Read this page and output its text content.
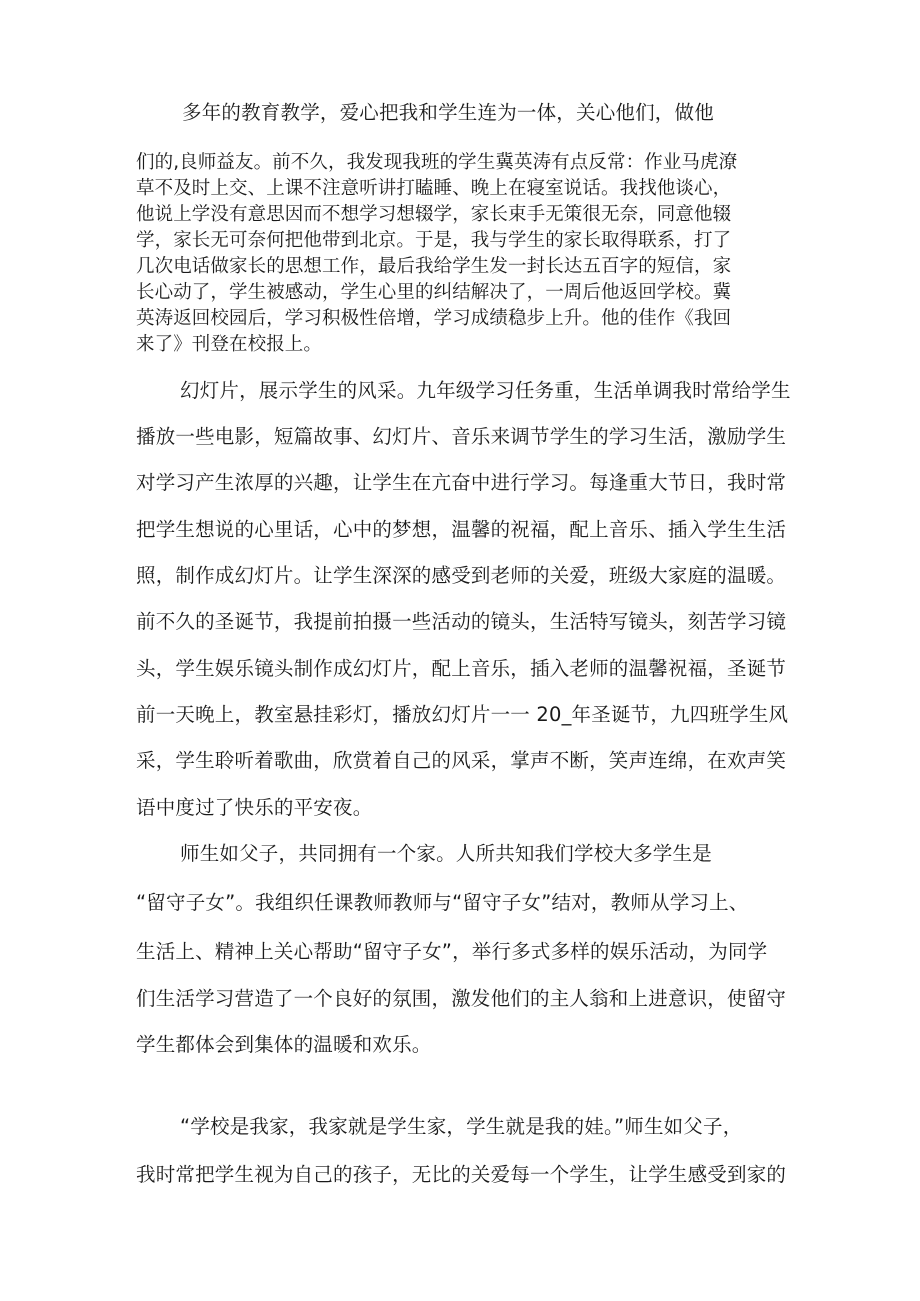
多年的教育教学，爱心把我和学生连为一体，关心他们，做他
们的,良师益友。前不久，我发现我班的学生冀英涛有点反常：作业马虎潦
草不及时上交、上课不注意听讲打瞌睡、晚上在寝室说话。我找他谈心，
他说上学没有意思因而不想学习想辍学，家长束手无策很无奈，同意他辍
学，家长无可奈何把他带到北京。于是，我与学生的家长取得联系，打了
几次电话做家长的思想工作，最后我给学生发一封长达五百字的短信，家
长心动了，学生被感动，学生心里的纠结解决了，一周后他返回学校。冀
英涛返回校园后，学习积极性倍增，学习成绩稳步上升。他的佳作《我回
来了》刊登在校报上。
幻灯片，展示学生的风采。九年级学习任务重，生活单调我时常给学生
播放一些电影，短篇故事、幻灯片、音乐来调节学生的学习生活，激励学生
对学习产生浓厚的兴趣，让学生在亢奋中进行学习。每逢重大节日，我时常
把学生想说的心里话，心中的梦想，温馨的祝福，配上音乐、插入学生生活
照，制作成幻灯片。让学生深深的感受到老师的关爱，班级大家庭的温暖。
前不久的圣诞节，我提前拍摄一些活动的镜头，生活特写镜头，刻苦学习镜
头，学生娱乐镜头制作成幻灯片，配上音乐，插入老师的温馨祝福，圣诞节
前一天晚上，教室悬挂彩灯，播放幻灯片一一 20_年圣诞节，九四班学生风
采，学生聆听着歌曲，欣赏着自己的风采，掌声不断，笑声连绵，在欢声笑
语中度过了快乐的平安夜。
师生如父子，共同拥有一个家。人所共知我们学校大多学生是
“留守子女”。我组织任课教师教师与“留守子女”结对，教师从学习上、
生活上、精神上关心帮助“留守子女”，举行多式多样的娱乐活动，为同学
们生活学习营造了一个良好的氛围，激发他们的主人翁和上进意识，使留守
学生都体会到集体的温暖和欢乐。
“学校是我家，我家就是学生家，学生就是我的娃。”师生如父子，
我时常把学生视为自己的孩子，无比的关爱每一个学生，让学生感受到家的
